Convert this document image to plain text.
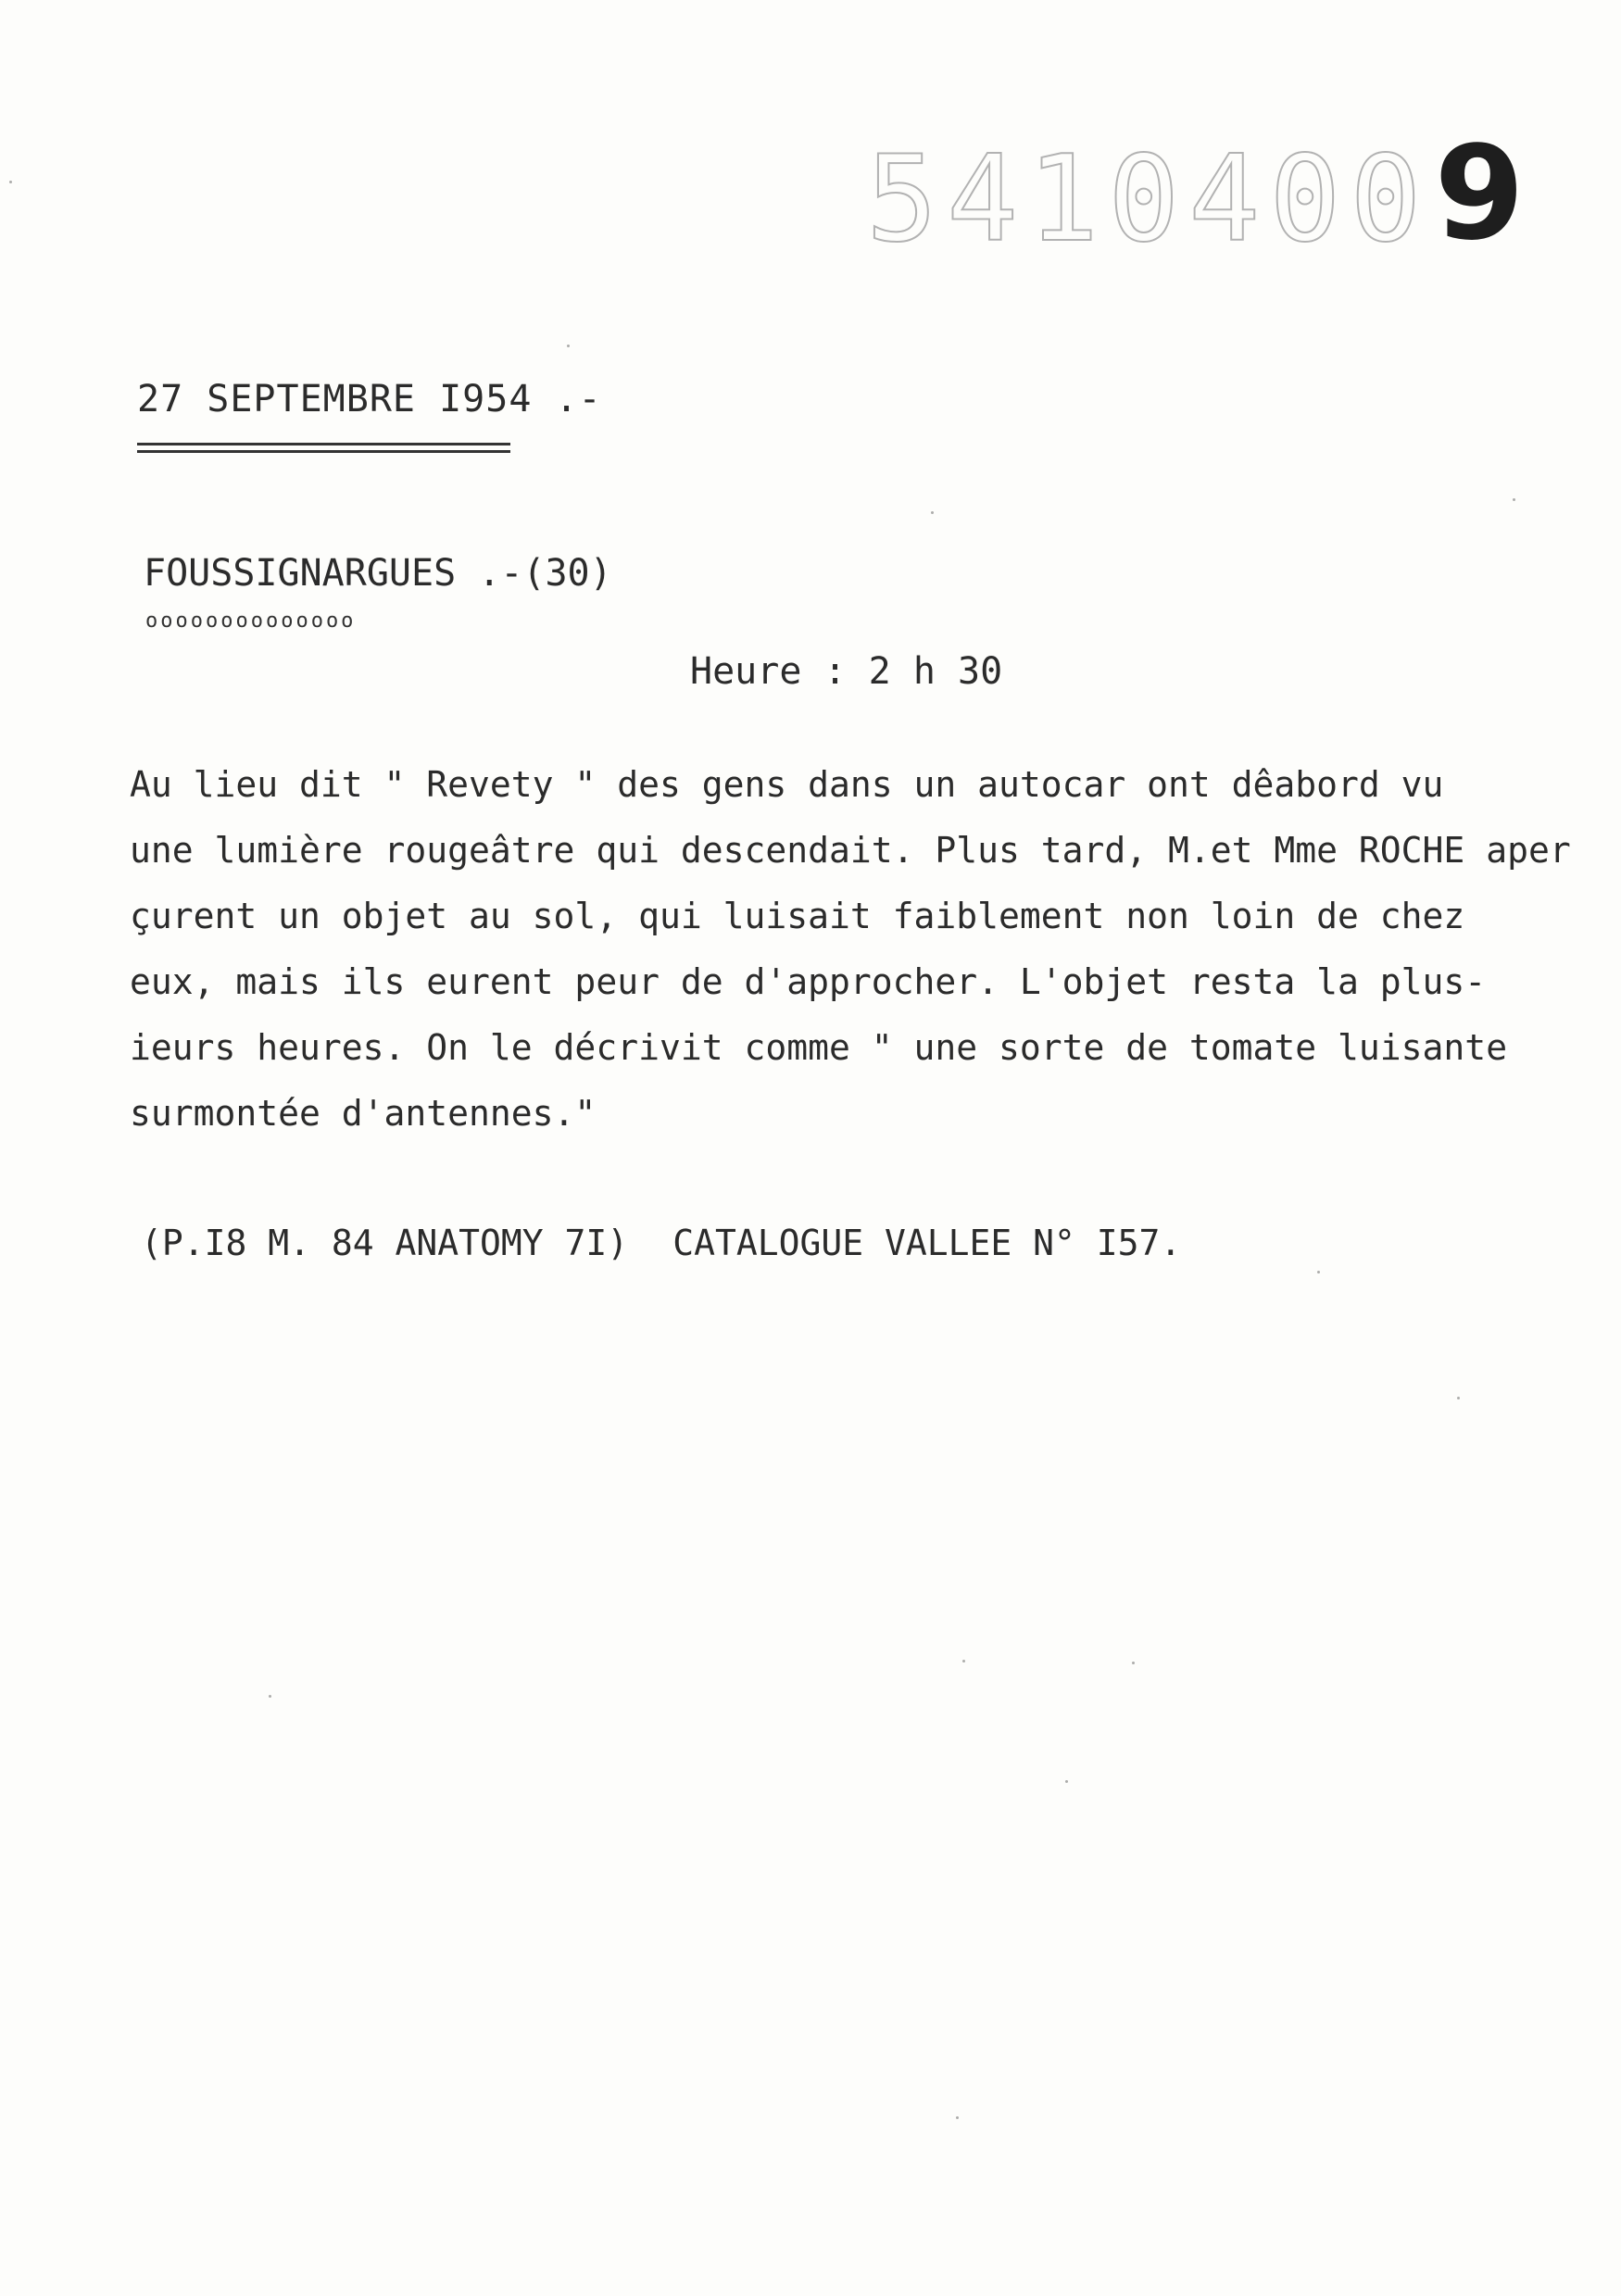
5410400 9
27 SEPTEMBRE I954 .-
FOUSSIGNARGUES .-(30)
oooooooooooooo
Heure : 2 h 30
Au lieu dit " Revety " des gens dans un autocar ont dêabord vu
une lumière rougeâtre qui descendait. Plus tard, M.et Mme ROCHE aper
çurent un objet au sol, qui luisait faiblement non loin de chez
eux, mais ils eurent peur de d'approcher. L'objet resta la plus-
ieurs heures. On le décrivit comme " une sorte de tomate luisante
surmontée d'antennes."
(P.I8 M. 84 ANATOMY 7I) CATALOGUE VALLEE N° I57.
